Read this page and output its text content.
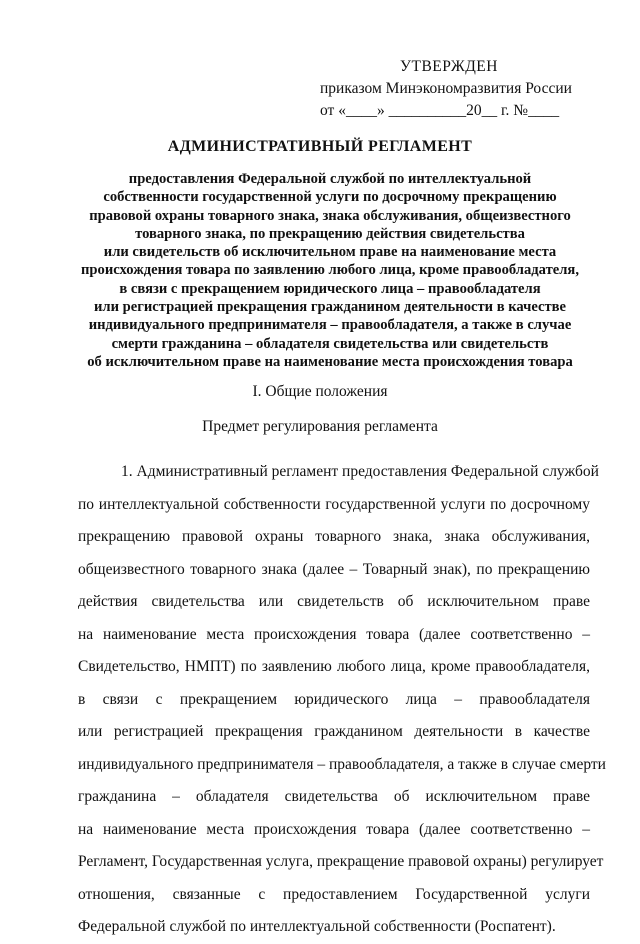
УТВЕРЖДЕН
приказом Минэкономразвития России
от «____» __________20__ г. №____
АДМИНИСТРАТИВНЫЙ РЕГЛАМЕНТ
предоставления Федеральной службой по интеллектуальной
собственности государственной услуги по досрочному прекращению
правовой охраны товарного знака, знака обслуживания, общеизвестного
товарного знака, по прекращению действия свидетельства
или свидетельств об исключительном праве на наименование места
происхождения товара по заявлению любого лица, кроме правообладателя,
в связи с прекращением юридического лица – правообладателя
или регистрацией прекращения гражданином деятельности в качестве
индивидуального предпринимателя – правообладателя, а также в случае
смерти гражданина – обладателя свидетельства или свидетельств
об исключительном праве на наименование места происхождения товара
I. Общие положения
Предмет регулирования регламента
1. Административный регламент предоставления Федеральной службой
по интеллектуальной собственности государственной услуги по досрочному
прекращению правовой охраны товарного знака, знака обслуживания,
общеизвестного товарного знака (далее – Товарный знак), по прекращению
действия свидетельства или свидетельств об исключительном праве
на наименование места происхождения товара (далее соответственно –
Свидетельство, НМПТ) по заявлению любого лица, кроме правообладателя,
в связи с прекращением юридического лица – правообладателя
или регистрацией прекращения гражданином деятельности в качестве
индивидуального предпринимателя – правообладателя, а также в случае смерти
гражданина – обладателя свидетельства об исключительном праве
на наименование места происхождения товара (далее соответственно –
Регламент, Государственная услуга, прекращение правовой охраны) регулирует
отношения, связанные с предоставлением Государственной услуги
Федеральной службой по интеллектуальной собственности (Роспатент).
